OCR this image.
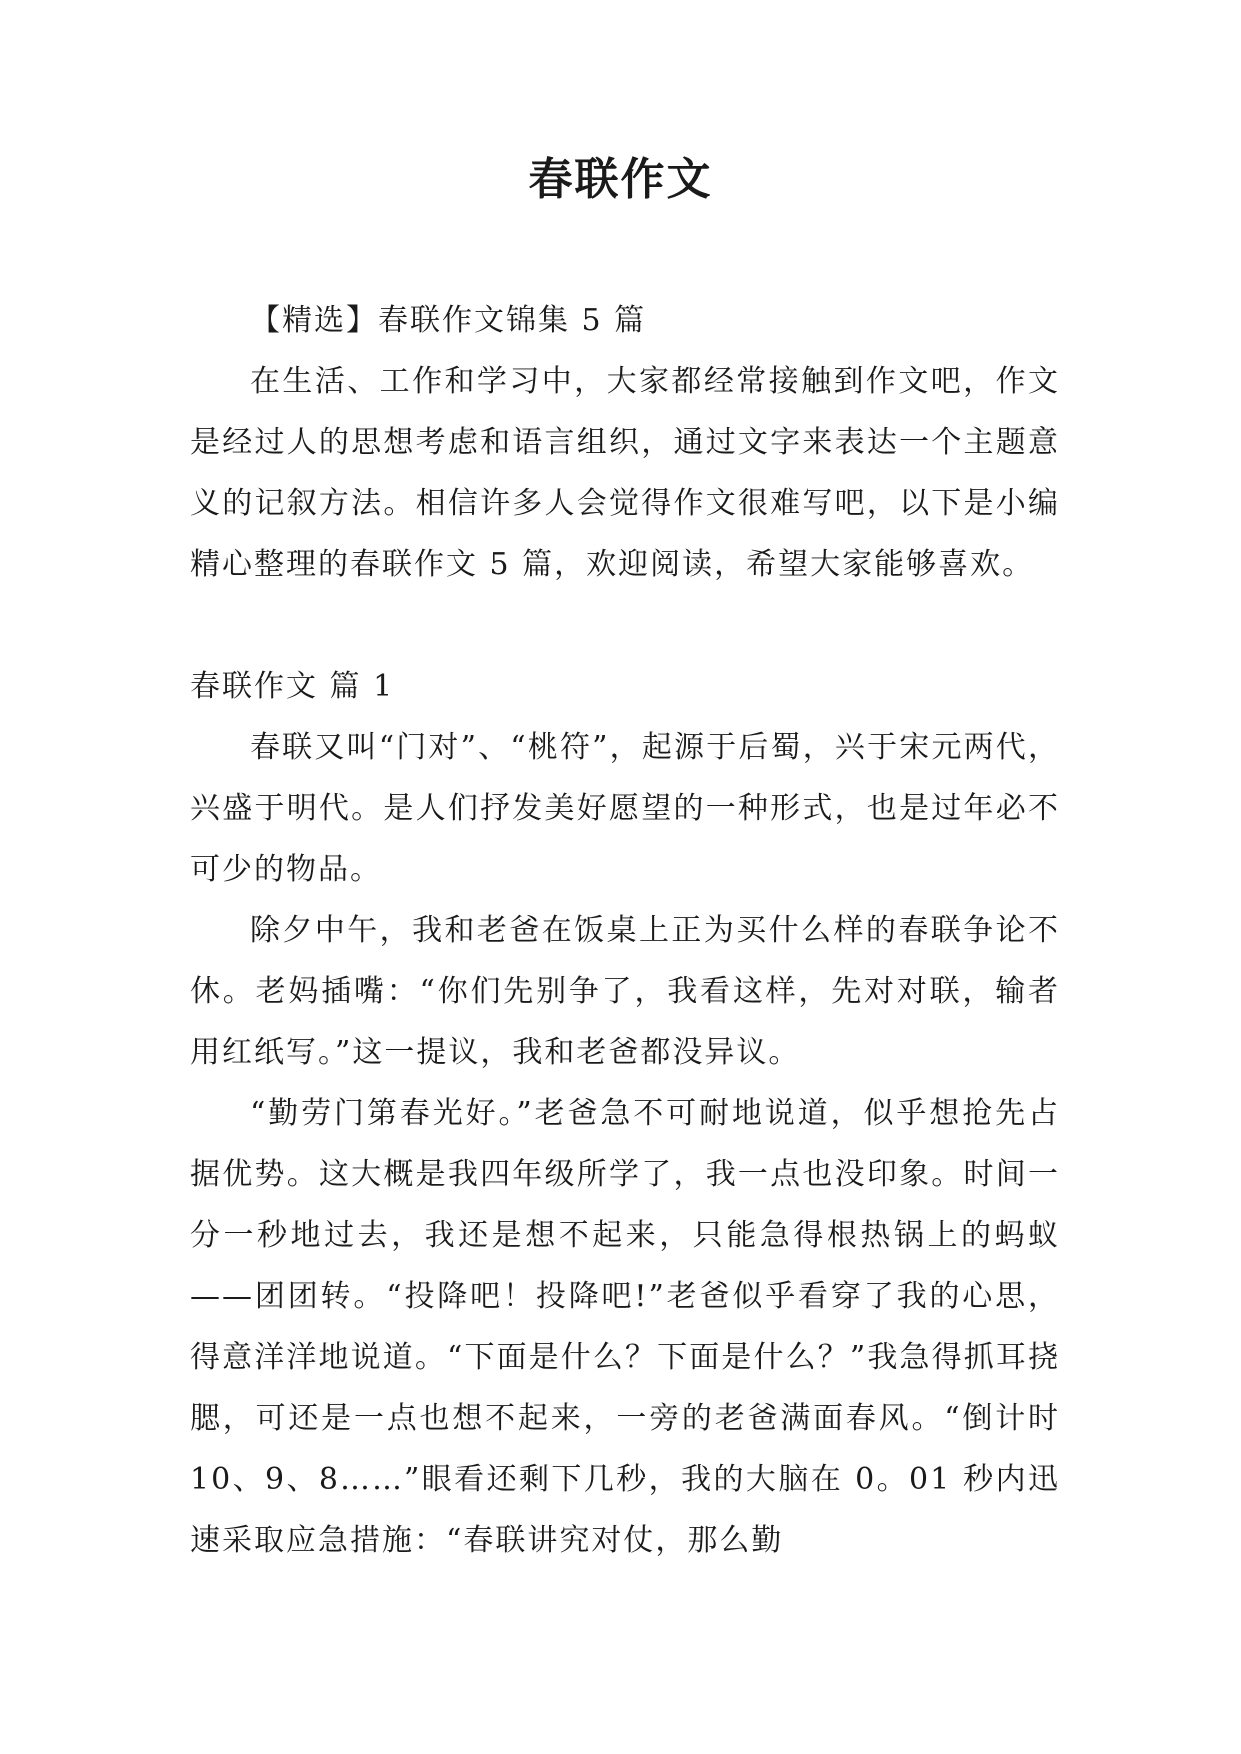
春联作文

【精选】春联作文锦集 5 篇

在生活、工作和学习中，大家都经常接触到作文吧，作文是经过人的思想考虑和语言组织，通过文字来表达一个主题意义的记叙方法。相信许多人会觉得作文很难写吧，以下是小编精心整理的春联作文 5 篇，欢迎阅读，希望大家能够喜欢。

春联作文 篇 1

春联又叫“门对”、“桃符”，起源于后蜀，兴于宋元两代，兴盛于明代。是人们抒发美好愿望的一种形式，也是过年必不可少的物品。

除夕中午，我和老爸在饭桌上正为买什么样的春联争论不休。老妈插嘴：“你们先别争了，我看这样，先对对联，输者用红纸写。”这一提议，我和老爸都没异议。

“勤劳门第春光好。”老爸急不可耐地说道，似乎想抢先占据优势。这大概是我四年级所学了，我一点也没印象。时间一分一秒地过去，我还是想不起来，只能急得根热锅上的蚂蚁——团团转。“投降吧！投降吧!”老爸似乎看穿了我的心思，得意洋洋地说道。“下面是什么？下面是什么？”我急得抓耳挠腮，可还是一点也想不起来，一旁的老爸满面春风。“倒计时 10、9、8……”眼看还剩下几秒，我的大脑在 0。01 秒内迅速采取应急措施：“春联讲究对仗，那么勤
